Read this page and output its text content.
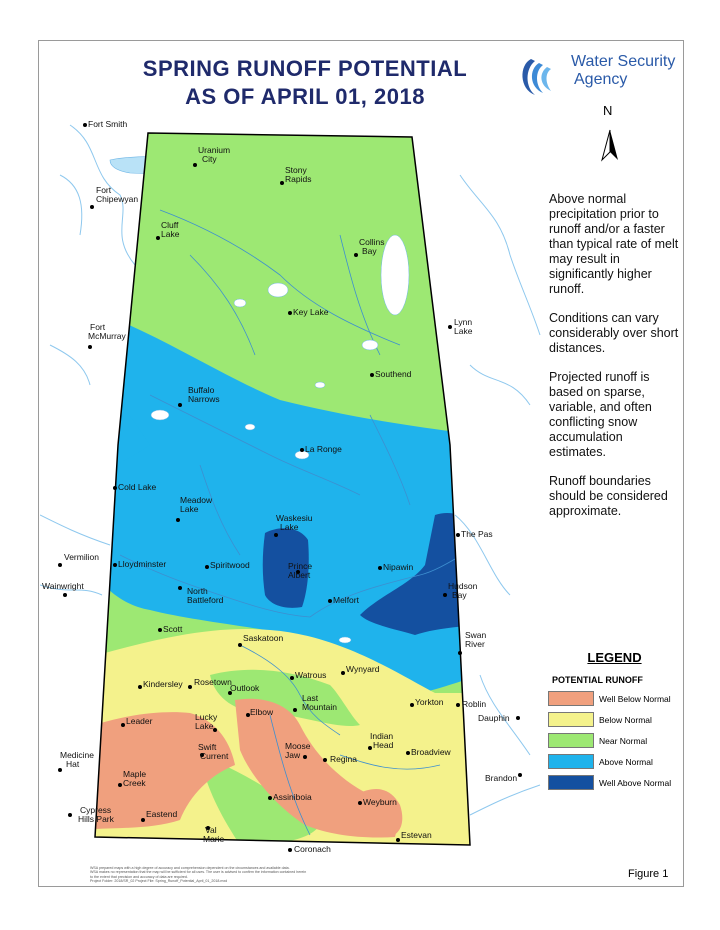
SPRING RUNOFF POTENTIAL
AS OF APRIL 01, 2018
Water Security
Agency
N

Above normal precipitation prior to runoff and/or a faster than typical rate of melt may result in significantly higher runoff.

Conditions can vary considerably over short distances.

Projected runoff is based on sparse, variable, and often conflicting snow accumulation estimates.

Runoff boundaries should be considered approximate.

Fort Smith
Uranium
City
Stony
Rapids
Fort
Chipewyan
Cluff
Lake
Collins
Bay
Key Lake
Fort
McMurray
Lynn
Lake
Southend
Buffalo
Narrows
La Ronge
Cold Lake
Meadow
Lake
Waskesiu
Lake
The Pas
Vermilion
Lloydminster	Spiritwood	Prince
Albert
Nipawin
Hudson
Bay
Wainwright	North
Battleford	Melfort
Scott
Swan
River
Saskatoon
Watrous
Wynyard
Kindersley Rosetown
Outlook
Last
Mountain	Yorkton Roblin
Dauphin
Leader	Lucky
Lake
Elbow
Indian
Head
Broadview
Medicine
Hat
Swift
Current
Moose
Jaw	Regina
Brandon
Maple
Creek
Assiniboia	Weyburn
Cypress
Hills Park	Eastend
Estevan
Val
Marie
Coronach
LEGEND
POTENTIAL RUNOFF
Well Below Normal
Below Normal
Near Normal
Above Normal
Well Above Normal
WSA prepared maps with a high degree of accuracy and comprehension dependent on the circumstances and available data.
WSA makes no representation that the map will be sufficient for all uses. The user is advised to confirm the information contained herein
to the extent that precision and accuracy of data are required.
Project Folder: 2018/SR_02 Project File: Spring_Runoff_Potential_April_01_2018.mxd
Figure 1
